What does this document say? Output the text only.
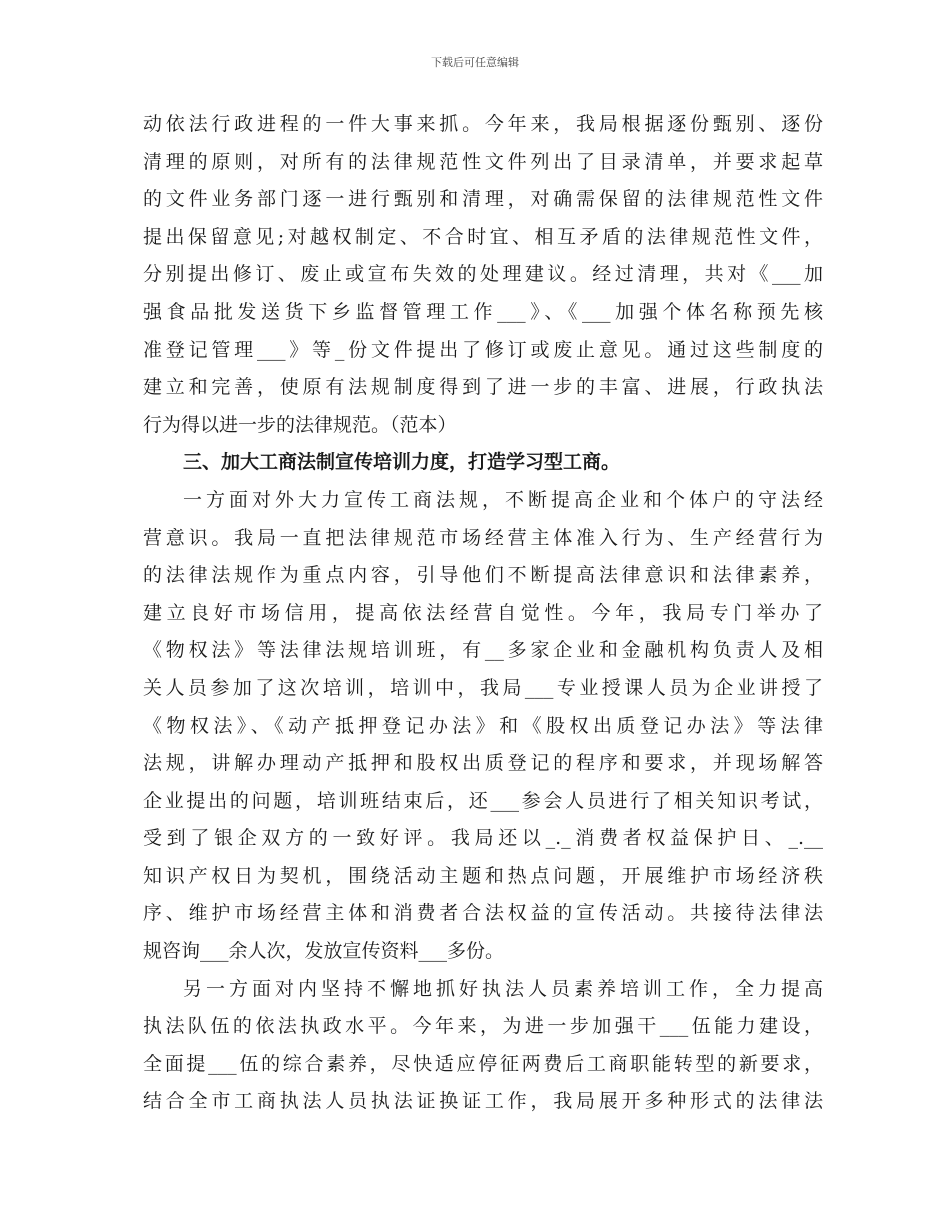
下载后可任意编辑
动依法行政进程的一件大事来抓。今年来，我局根据逐份甄别、逐份
清理的原则，对所有的法律规范性文件列出了目录清单，并要求起草
的文件业务部门逐一进行甄别和清理，对确需保留的法律规范性文件
提出保留意见;对越权制定、不合时宜、相互矛盾的法律规范性文件，
分别提出修订、废止或宣布失效的处理建议。经过清理，共对《___加
强食品批发送货下乡监督管理工作___》、《___加强个体名称预先核
准登记管理___》等_份文件提出了修订或废止意见。通过这些制度的
建立和完善，使原有法规制度得到了进一步的丰富、进展，行政执法
行为得以进一步的法律规范。（范本）
三、加大工商法制宣传培训力度，打造学习型工商。
一方面对外大力宣传工商法规，不断提高企业和个体户的守法经
营意识。我局一直把法律规范市场经营主体准入行为、生产经营行为
的法律法规作为重点内容，引导他们不断提高法律意识和法律素养，
建立良好市场信用，提高依法经营自觉性。今年，我局专门举办了
《物权法》等法律法规培训班，有__多家企业和金融机构负责人及相
关人员参加了这次培训，培训中，我局___专业授课人员为企业讲授了
《物权法》、《动产抵押登记办法》和《股权出质登记办法》等法律
法规，讲解办理动产抵押和股权出质登记的程序和要求，并现场解答
企业提出的问题，培训班结束后，还___参会人员进行了相关知识考试，
受到了银企双方的一致好评。我局还以_._消费者权益保护日、_.__
知识产权日为契机，围绕活动主题和热点问题，开展维护市场经济秩
序、维护市场经营主体和消费者合法权益的宣传活动。共接待法律法
规咨询___余人次，发放宣传资料___多份。
另一方面对内坚持不懈地抓好执法人员素养培训工作，全力提高
执法队伍的依法执政水平。今年来，为进一步加强干___伍能力建设，
全面提___伍的综合素养，尽快适应停征两费后工商职能转型的新要求，
结合全市工商执法人员执法证换证工作，我局展开多种形式的法律法
